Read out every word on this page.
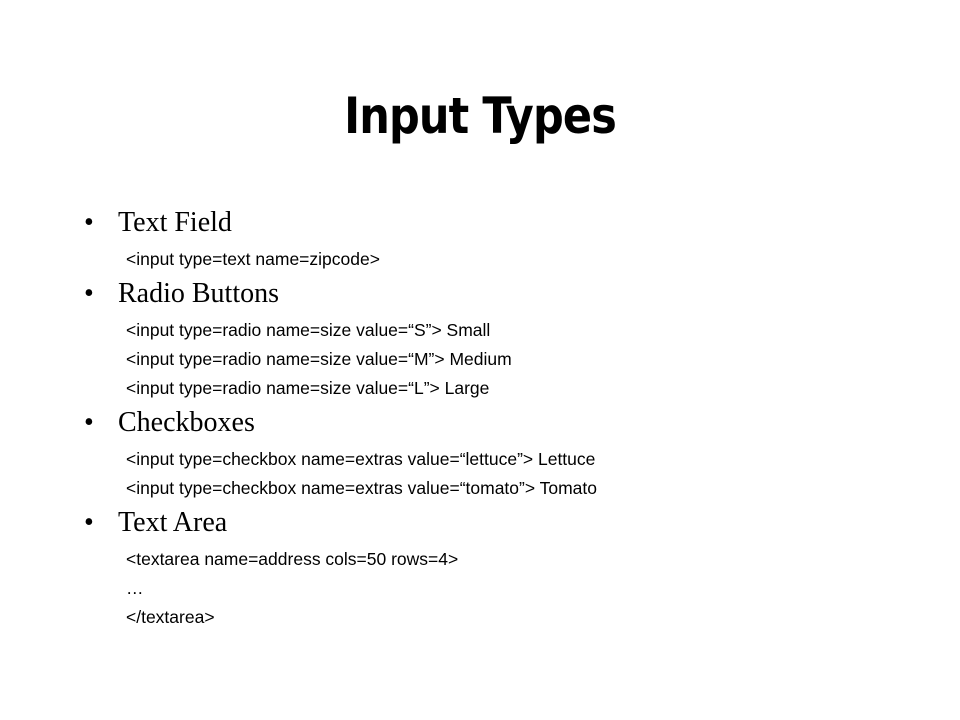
Input Types
• Text Field
<input type=text name=zipcode>
• Radio Buttons
<input type=radio name=size value=“S”> Small
<input type=radio name=size value=“M”> Medium
<input type=radio name=size value=“L”> Large
• Checkboxes
<input type=checkbox name=extras value=“lettuce”> Lettuce
<input type=checkbox name=extras value=“tomato”> Tomato
• Text Area
<textarea name=address cols=50 rows=4>
…
</textarea>
